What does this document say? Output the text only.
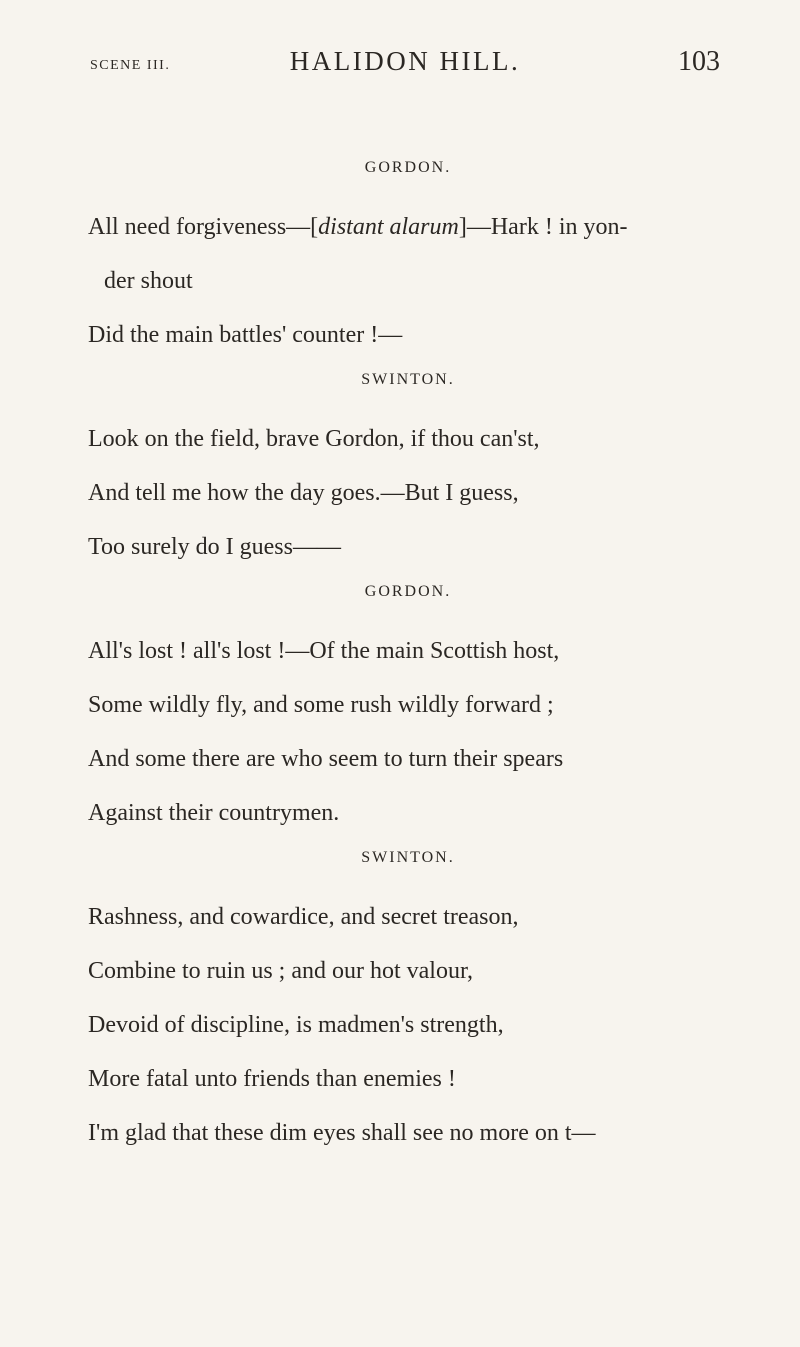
SCENE III.	HALIDON HILL.	103
GORDON.
All need forgiveness—[distant alarum]—Hark ! in yon-
der shout
Did the main battles' counter !—
SWINTON.
Look on the field, brave Gordon, if thou can'st,
And tell me how the day goes.—But I guess,
Too surely do I guess——
GORDON.
All's lost ! all's lost !—Of the main Scottish host,
Some wildly fly, and some rush wildly forward ;
And some there are who seem to turn their spears
Against their countrymen.
SWINTON.
Rashness, and cowardice, and secret treason,
Combine to ruin us ; and our hot valour,
Devoid of discipline, is madmen's strength,
More fatal unto friends than enemies !
I'm glad that these dim eyes shall see no more on t—
